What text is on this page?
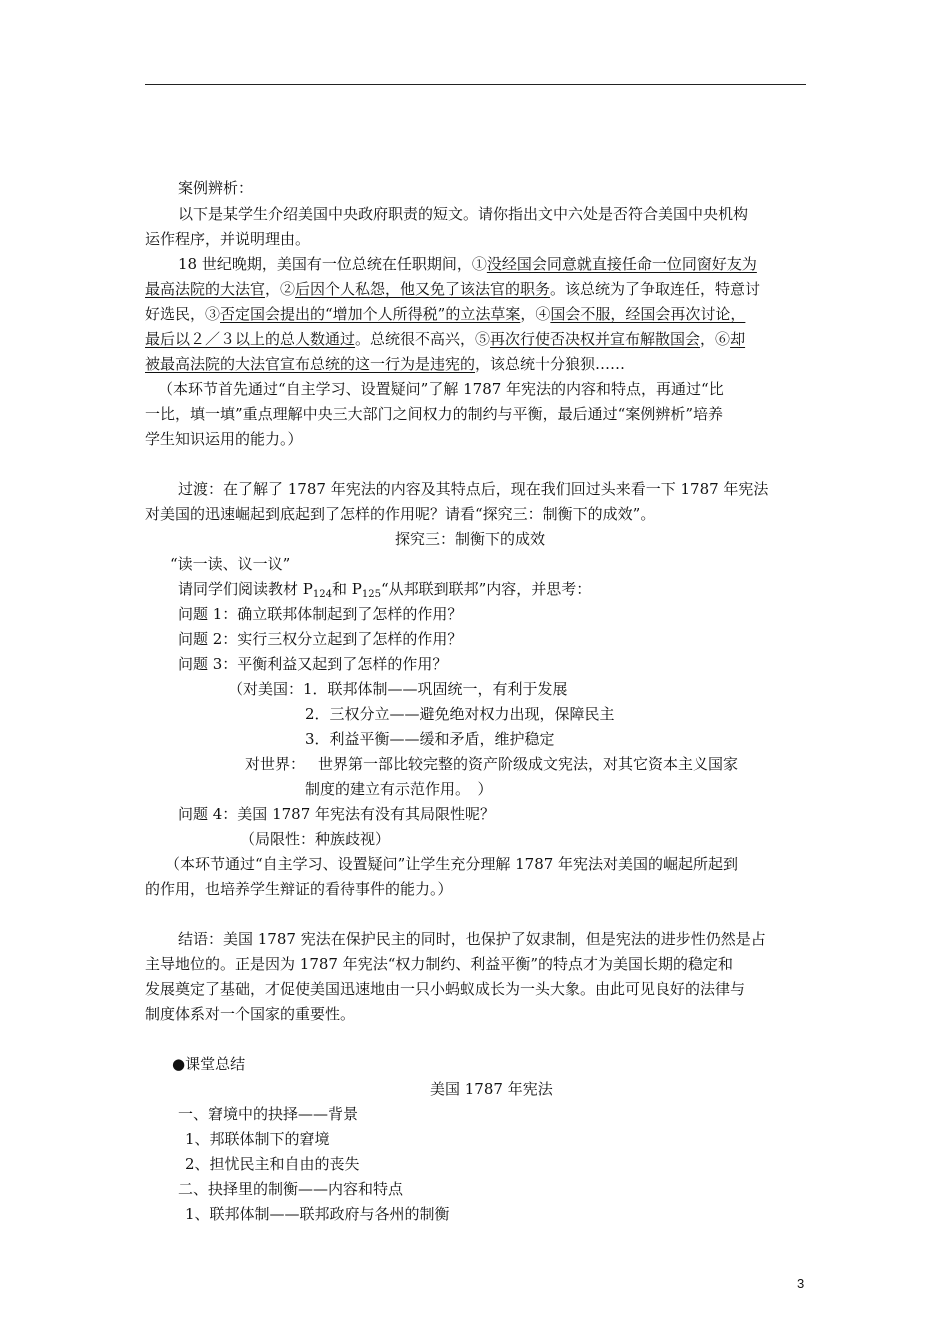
案例辨析：
以下是某学生介绍美国中央政府职责的短文。请你指出文中六处是否符合美国中央机构
运作程序，并说明理由。
18 世纪晚期，美国有一位总统在任职期间，①没经国会同意就直接任命一位同窗好友为
最高法院的大法官，②后因个人私怨，他又免了该法官的职务。该总统为了争取连任，特意讨
好选民，③否定国会提出的“增加个人所得税”的立法草案，④国会不服，经国会再次讨论，
最后以２／３以上的总人数通过。总统很不高兴，⑤再次行使否决权并宣布解散国会，⑥却
被最高法院的大法官宣布总统的这一行为是违宪的，该总统十分狼狈……
（本环节首先通过“自主学习、设置疑问”了解 1787 年宪法的内容和特点，再通过“比
一比，填一填”重点理解中央三大部门之间权力的制约与平衡，最后通过“案例辨析”培养
学生知识运用的能力。）
过渡：在了解了 1787 年宪法的内容及其特点后，现在我们回过头来看一下 1787 年宪法
对美国的迅速崛起到底起到了怎样的作用呢？请看“探究三：制衡下的成效”。
探究三：制衡下的成效
“读一读、议一议”
请同学们阅读教材 $P_{124}$和 $P_{125}“$从邦联到联邦”内容，并思考：
问题 1：确立联邦体制起到了怎样的作用？
问题 2：实行三权分立起到了怎样的作用？
问题 3：平衡利益又起到了怎样的作用？
（对美国：1．联邦体制——巩固统一，有利于发展
2．三权分立——避免绝对权力出现，保障民主
3．利益平衡——缓和矛盾，维护稳定
对世界： 世界第一部比较完整的资产阶级成文宪法，对其它资本主义国家
制度的建立有示范作用。　）
问题 4：美国 1787 年宪法有没有其局限性呢？
（局限性：种族歧视）
（本环节通过“自主学习、设置疑问”让学生充分理解 1787 年宪法对美国的崛起所起到
的作用，也培养学生辩证的看待事件的能力。）
结语：美国 1787 宪法在保护民主的同时，也保护了奴隶制，但是宪法的进步性仍然是占
主导地位的。正是因为 1787 年宪法“权力制约、利益平衡”的特点才为美国长期的稳定和
发展奠定了基础，才促使美国迅速地由一只小蚂蚁成长为一头大象。由此可见良好的法律与
制度体系对一个国家的重要性。
●课堂总结
美国 1787 年宪法
一、窘境中的抉择——背景
1、邦联体制下的窘境
2、担忧民主和自由的丧失
二、抉择里的制衡——内容和特点
1、联邦体制——联邦政府与各州的制衡
3
